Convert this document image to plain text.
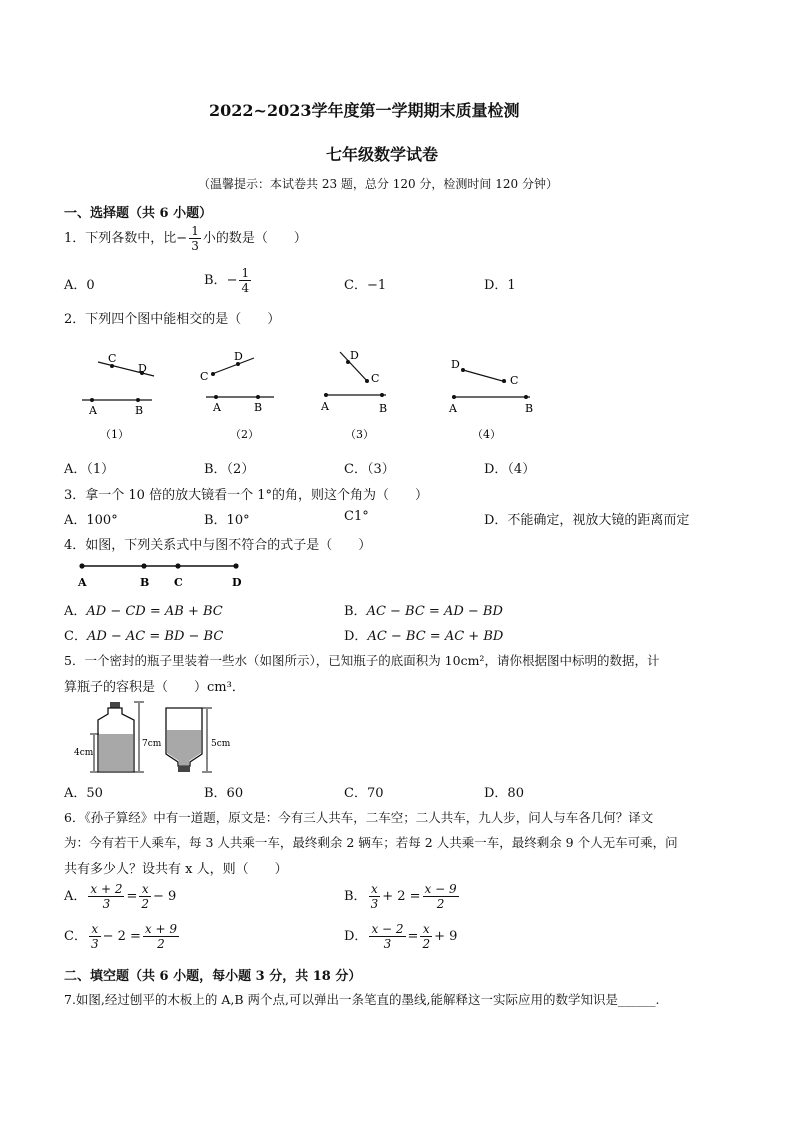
2022~2023学年度第一学期期末质量检测
七年级数学试卷
（温馨提示：本试卷共 23 题，总分 120 分，检测时间 120 分钟）
一、选择题（共 6 小题）
1．下列各数中，比− $\frac{1}{3}$ 小的数是（　　）
A．0	B．− $\frac{1}{4}$	C．−1	D．1
2．下列四个图中能相交的是（　　）
C
D
A	B
（1）
D
C
A	B
（2）
D
C
A	B
（3）
D
C
A	B
（4）
A．（1）	B．（2）	C．（3）	D．（4）
3．拿一个 10 倍的放大镜看一个 1°的角，则这个角为（　　）
A．100°	B．10°	C1°	D．不能确定，视放大镜的距离而定
4．如图，下列关系式中与图不符合的式子是（　　）
A	B C	D
A．AD − CD = AB + BC	B．AC − BC = AD − BD
C．AD − AC = BD − BC	D．AC − BC = AC + BD
5．一个密封的瓶子里装着一些水（如图所示），已知瓶子的底面积为 10cm²，请你根据图中标明的数据，计
算瓶子的容积是（　　）cm³．
4cm
7cm	5cm
A．50	B．60	C．70	D．80
6．《孙子算经》中有一道题，原文是：今有三人共车，二车空；二人共车，九人步，问人与车各几何？译文
为：今有若干人乘车，每 3 人共乘一车，最终剩余 2 辆车；若每 2 人共乘一车，最终剩余 9 个人无车可乘，问
共有多少人？设共有 x 人，则（　　）
A． $\frac{x + 2}{3} = \frac{x}{2} - 9$	B． $\frac{x}{3} + 2 = \frac{x - 9}{2}$
C． $\frac{x}{3} - 2 = \frac{x + 9}{2}$	D． $\frac{x - 2}{3} = \frac{x}{2} + 9$
二、填空题（共 6 小题，每小题 3 分，共 18 分）
7.如图,经过刨平的木板上的 A,B 两个点,可以弹出一条笔直的墨线,能解释这一实际应用的数学知识是______.
